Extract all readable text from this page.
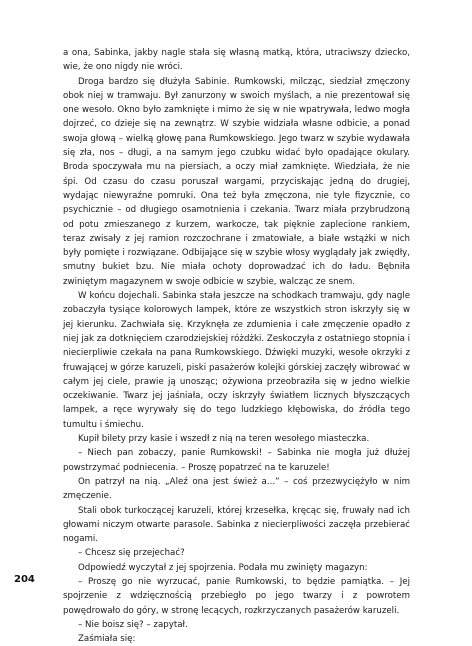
a ona, Sabinka, jakby nagle stała się własną matką, która, utraciwszy dziecko, wie, że ono nigdy nie wróci.

Droga bardzo się dłużyła Sabinie. Rumkowski, milcząc, siedział zmęczony obok niej w tramwaju. Był zanurzony w swoich myślach, a nie prezentował się one wesoło. Okno było zamknięte i mimo że się w nie wpatrywała, ledwo mogła dojrzeć, co dzieje się na zewnątrz. W szybie widziała własne odbicie, a ponad swoja głową – wielką głowę pana Rumkowskiego. Jego twarz w szybie wydawała się zła, nos – długi, a na samym jego czubku widać było opadające okulary. Broda spoczywała mu na piersiach, a oczy miał zamknięte. Wiedziała, że nie śpi. Od czasu do czasu poruszał wargami, przyciskając jedną do drugiej, wydając niewyraźne pomruki. Ona też była zmęczona, nie tyle fizycznie, co psychicznie – od długiego osamotnienia i czekania. Twarz miała przybrudzoną od potu zmieszanego z kurzem, warkocze, tak pięknie zaplecione rankiem, teraz zwisały z jej ramion rozczochrane i zmatowiałe, a białe wstążki w nich były pomięte i rozwiązane. Odbijające się w szybie włosy wyglądały jak zwiędły, smutny bukiet bzu. Nie miała ochoty doprowadzać ich do ładu. Bębniła zwiniętym magazynem w swoje odbicie w szybie, walcząc ze snem.

W końcu dojechali. Sabinka stała jeszcze na schodkach tramwaju, gdy nagle zobaczyła tysiące kolorowych lampek, które ze wszystkich stron iskrzyły się w jej kierunku. Zachwiała się. Krzyknęła ze zdumienia i całe zmęczenie opadło z niej jak za dotknięciem czarodziejskiej różdżki. Zeskoczyła z ostatniego stopnia i niecierpliwie czekała na pana Rumkowskiego. Dźwięki muzyki, wesołe okrzyki z fruwającej w górze karuzeli, piski pasażerów kolejki górskiej zaczęły wibrować w całym jej ciele, prawie ją unosząc; ożywiona przeobraziła się w jedno wielkie oczekiwanie. Twarz jej jaśniała, oczy iskrzyły światłem licznych błyszczących lampek, a ręce wyrywały się do tego ludzkiego kłębowiska, do źródła tego tumultu i śmiechu.

Kupił bilety przy kasie i wszedł z nią na teren wesołego miasteczka.

– Niech pan zobaczy, panie Rumkowski! – Sabinka nie mogła już dłużej powstrzymać podniecenia. – Proszę popatrzeć na te karuzele!

On patrzył na nią. „Aleź ona jest śwież a...” – coś przezwyciężyło w nim zmęczenie.

Stali obok turkoczącej karuzeli, której krzesełka, kręcąc się, fruwały nad ich głowami niczym otwarte parasole. Sabinka z niecierpliwości zaczęła przebierać nogami.

– Chcesz się przejechać?

Odpowiedź wyczytał z jej spojrzenia. Podała mu zwinięty magazyn:

– Proszę go nie wyrzucać, panie Rumkowski, to będzie pamiątka. – Jej spojrzenie z wdzięcznością przebiegło po jego twarzy i z powrotem powędrowało do góry, w stronę lecących, rozkrzyczanych pasażerów karuzeli.

– Nie boisz się? – zapytał.

Zaśmiała się:

204
